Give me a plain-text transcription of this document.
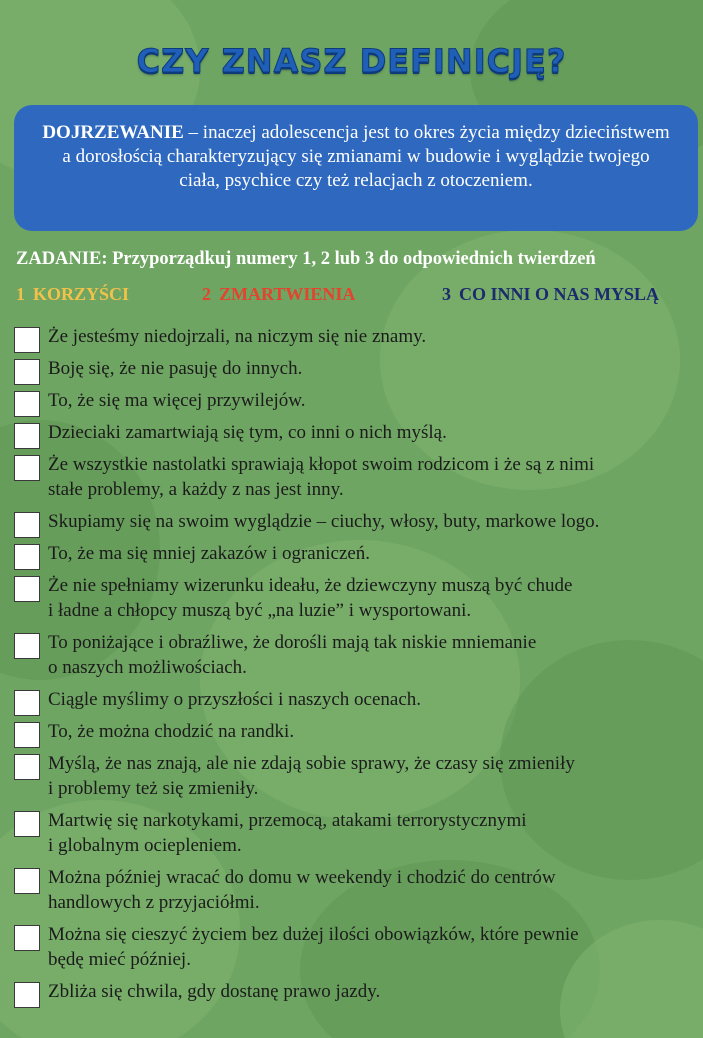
CZY ZNASZ DEFINICJĘ?
DOJRZEWANIE – inaczej adolescencja jest to okres życia między dzieciństwem a dorosłością charakteryzujący się zmianami w budowie i wyglądzie twojego ciała, psychice czy też relacjach z otoczeniem.
ZADANIE: Przyporządkuj numery 1, 2 lub 3 do odpowiednich twierdzeń
1 KORZYŚCI	2 ZMARTWIENIA	3 CO INNI O NAS MYSLĄ
Że jesteśmy niedojrzali, na niczym się nie znamy.
Boję się, że nie pasuję do innych.
To, że się ma więcej przywilejów.
Dzieciaki zamartwiają się tym, co inni o nich myślą.
Że wszystkie nastolatki sprawiają kłopot swoim rodzicom i że są z nimi
stałe problemy, a każdy z nas jest inny.
Skupiamy się na swoim wyglądzie – ciuchy, włosy, buty, markowe logo.
To, że ma się mniej zakazów i ograniczeń.
Że nie spełniamy wizerunku ideału, że dziewczyny muszą być chude
i ładne a chłopcy muszą być „na luzie” i wysportowani.
To poniżające i obraźliwe, że dorośli mają tak niskie mniemanie
o naszych możliwościach.
Ciągle myślimy o przyszłości i naszych ocenach.
To, że można chodzić na randki.
Myślą, że nas znają, ale nie zdają sobie sprawy, że czasy się zmieniły
i problemy też się zmieniły.
Martwię się narkotykami, przemocą, atakami terrorystycznymi
i globalnym ociepleniem.
Można później wracać do domu w weekendy i chodzić do centrów
handlowych z przyjaciółmi.
Można się cieszyć życiem bez dużej ilości obowiązków, które pewnie
będę mieć później.
Zbliża się chwila, gdy dostanę prawo jazdy.
